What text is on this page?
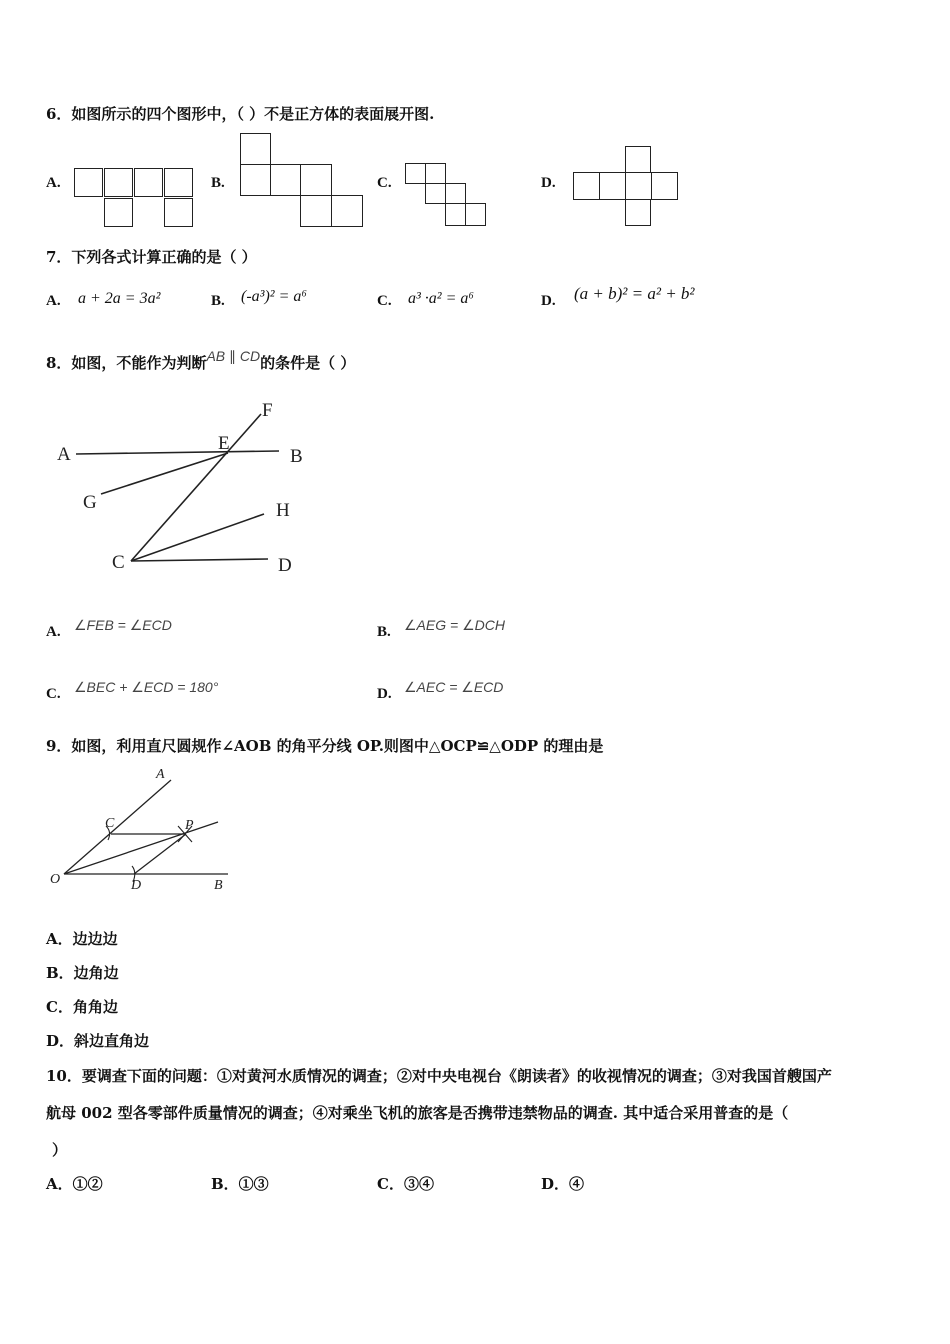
6．如图所示的四个图形中，（ ）不是正方体的表面展开图.
A.	B.	C.	D.
7．下列各式计算正确的是（ ）
A. a + 2a = 3a²	B. (-a³)² = a⁶	C. a³ ·a² = a⁶	D. (a + b)² = a² + b²
8．如图，不能作为判断AB ∥ CD的条件是（ ）
A	B
E
F
G	H
C	D
A. ∠FEB = ∠ECD	B. ∠AEG = ∠DCH
C. ∠BEC + ∠ECD = 180°	D. ∠AEC = ∠ECD
9．如图，利用直尺圆规作∠AOB 的角平分线 OP.则图中△OCP≌△ODP 的理由是
A
C	P
O	D	B
A．边边边
B．边角边
C．角角边
D．斜边直角边
10．要调查下面的问题：①对黄河水质情况的调查；②对中央电视台《朗读者》的收视情况的调查；③对我国首艘国产
航母 002 型各零部件质量情况的调查；④对乘坐飞机的旅客是否携带违禁物品的调查. 其中适合采用普查的是（
）
A．①②	B．①③	C．③④	D．④
